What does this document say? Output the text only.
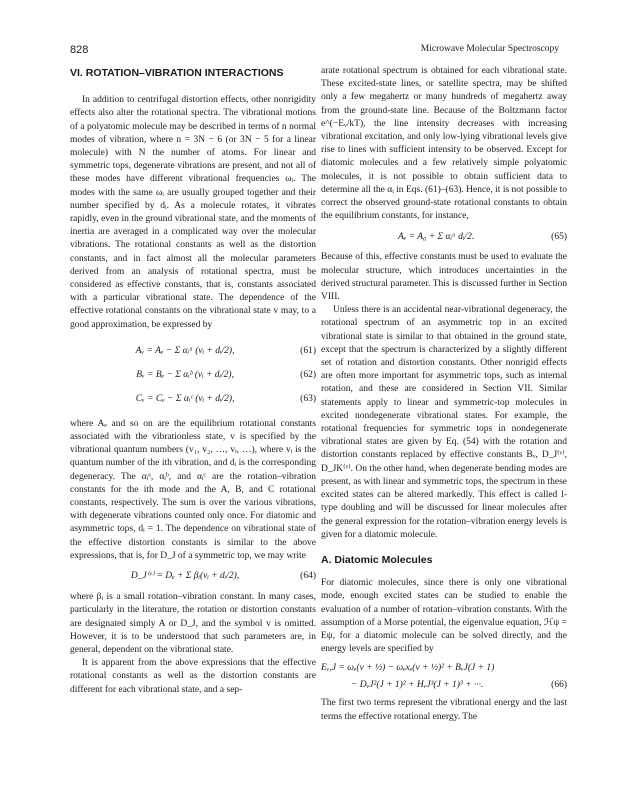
828	Microwave Molecular Spectroscopy
VI. ROTATION–VIBRATION INTERACTIONS

In addition to centrifugal distortion effects, other nonrigidity effects also alter the rotational spectra. The vibrational motions of a polyatomic molecule may be described in terms of n normal modes of vibration, where n = 3N − 6 (or 3N − 5 for a linear molecule) with N the number of atoms. For linear and symmetric tops, degenerate vibrations are present, and not all of these modes have different vibrational frequencies ωᵢ. The modes with the same ωᵢ are usually grouped together and their number specified by dᵢ. As a molecule rotates, it vibrates rapidly, even in the ground vibrational state, and the moments of inertia are averaged in a complicated way over the molecular vibrations. The rotational constants as well as the distortion constants, and in fact almost all the molecular parameters derived from an analysis of rotational spectra, must be considered as effective constants, that is, constants associated with a particular vibrational state. The dependence of the effective rotational constants on the vibrational state v may, to a good approximation, be expressed by

Aᵥ = Aₑ − Σ αᵢᵃ (vᵢ + dᵢ/2),	(61)
Bᵥ = Bₑ − Σ αᵢᵇ (vᵢ + dᵢ/2),	(62)
Cᵥ = Cₑ − Σ αᵢᶜ (vᵢ + dᵢ/2),	(63)

where Aₑ and so on are the equilibrium rotational constants associated with the vibrationless state, v is specified by the vibrational quantum numbers (v₁, v₂, …, vᵢ, …), where vᵢ is the quantum number of the ith vibration, and dᵢ is the corresponding degeneracy. The αᵢᵃ, αᵢᵇ, and αᵢᶜ are the rotation–vibration constants for the ith mode and the A, B, and C rotational constants, respectively. The sum is over the various vibrations, with degenerate vibrations counted only once. For diatomic and asymmetric tops, dᵢ = 1. The dependence on vibrational state of the effective distortion constants is similar to the above expressions, that is, for D_J of a symmetric top, we may write

D_J⁽ᵛ⁾ = Dₑ + Σ βᵢ(vᵢ + dᵢ/2),	(64)

where βᵢ is a small rotation–vibration constant. In many cases, particularly in the literature, the rotation or distortion constants are designated simply A or D_J, and the symbol v is omitted. However, it is to be understood that such parameters are, in general, dependent on the vibrational state.

It is apparent from the above expressions that the effective rotational constants as well as the distortion constants are different for each vibrational state, and a sep-

arate rotational spectrum is obtained for each vibrational state. These excited-state lines, or satellite spectra, may be shifted only a few megahertz or many hundreds of megahertz away from the ground-state line. Because of the Boltzmann factor e^(−Eᵥ/kT), the line intensity decreases with increasing vibrational excitation, and only low-lying vibrational levels give rise to lines with sufficient intensity to be observed. Except for diatomic molecules and a few relatively simple polyatomic molecules, it is not possible to obtain sufficient data to determine all the αᵢ in Eqs. (61)–(63). Hence, it is not possible to correct the observed ground-state rotational constants to obtain the equilibrium constants, for instance,

Aₑ = A₀ + Σ αᵢᵃ dᵢ/2.	(65)

Because of this, effective constants must be used to evaluate the molecular structure, which introduces uncertainties in the derived structural parameter. This is discussed further in Section VIII.

Unless there is an accidental near-vibrational degeneracy, the rotational spectrum of an asymmetric top in an excited vibrational state is similar to that obtained in the ground state, except that the spectrum is characterized by a slightly different set of rotation and distortion constants. Other nonrigid effects are often more important for asymmetric tops, such as internal rotation, and these are considered in Section VII. Similar statements apply to linear and symmetric-top molecules in excited nondegenerate vibrational states. For example, the rotational frequencies for symmetric tops in nondegenerate vibrational states are given by Eq. (54) with the rotation and distortion constants replaced by effective constants Bᵥ, D_J⁽ᵛ⁾, D_JK⁽ᵛ⁾. On the other hand, when degenerate bending modes are present, as with linear and symmetric tops, the spectrum in these excited states can be altered markedly. This effect is called l-type doubling and will be discussed for linear molecules after the general expression for the rotation–vibration energy levels is given for a diatomic molecule.

A. Diatomic Molecules

For diatomic molecules, since there is only one vibrational mode, enough excited states can be studied to enable the evaluation of a number of rotation–vibration constants. With the assumption of a Morse potential, the eigenvalue equation, ℋψ = Eψ, for a diatomic molecule can be solved directly, and the energy levels are specified by

Eᵥ,J = ωₑ(v + ½) − ωₑxₑ(v + ½)² + BᵥJ(J + 1)
− DᵥJ²(J + 1)² + HᵥJ³(J + 1)³ + ···.	(66)

The first two terms represent the vibrational energy and the last terms the effective rotational energy. The
